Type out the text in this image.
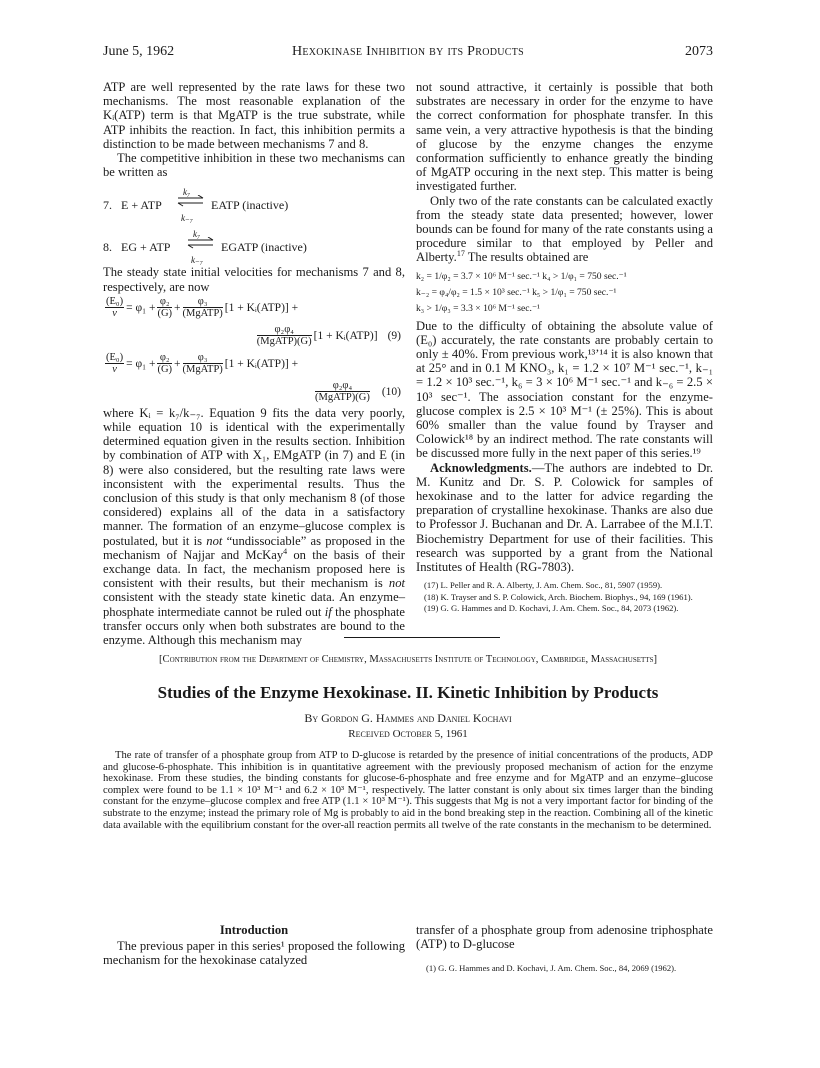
June 5, 1962	Hexokinase Inhibition by its Products	2073

ATP are well represented by the rate laws for these two mechanisms. The most reasonable explanation of the Kᵢ(ATP) term is that MgATP is the true substrate, while ATP inhibits the reaction. In fact, this inhibition permits a distinction to be made between mechanisms 7 and 8.

The competitive inhibition in these two mechanisms can be written as

7. E + ATP
k₇
k₋₇
EATP (inactive)
8. EG + ATP
k₇
k₋₇
EGATP (inactive)

The steady state initial velocities for mechanisms 7 and 8, respectively, are now

$\frac{\text{(E₀)}}{v} = \varphi_1 + \frac{\text{φ₂}}{(G)} + \frac{\text{φ₃}}{\text{(MgATP)}} [1$ + Kᵢ(ATP)] +
$\frac{\text{φ₂φ₄}}{\text{(MgATP)(G)}} [1$ + Kᵢ(ATP)] (9)
$\frac{\text{(E₀)}}{v} = \varphi_1 + \frac{\text{φ₂}}{(G)} + \frac{\text{φ₃}}{\text{(MgATP)}} [1$ + Kᵢ(ATP)] +
$\frac{\text{φ₂φ₄}}{\text{(MgATP)(G)}} (10)$

where Kᵢ = k₇/k₋₇. Equation 9 fits the data very poorly, while equation 10 is identical with the experimentally determined equation given in the results section. Inhibition by combination of ATP with X₁, EMgATP (in 7) and E (in 8) were also considered, but the resulting rate laws were inconsistent with the experimental results. Thus the conclusion of this study is that only mechanism 8 (of those considered) explains all of the data in a satisfactory manner. The formation of an enzyme–glucose complex is postulated, but it is not “undissociable” as proposed in the mechanism of Najjar and McKay$^4$ on the basis of their exchange data. In fact, the mechanism proposed here is consistent with their results, but their mechanism is not consistent with the steady state kinetic data. An enzyme–phosphate intermediate cannot be ruled out if the phosphate transfer occurs only when both substrates are bound to the enzyme. Although this mechanism may

not sound attractive, it certainly is possible that both substrates are necessary in order for the enzyme to have the correct conformation for phosphate transfer. In this same vein, a very attractive hypothesis is that the binding of glucose by the enzyme changes the enzyme conformation sufficiently to enhance greatly the binding of MgATP occuring in the next step. This matter is being investigated further.

Only two of the rate constants can be calculated exactly from the steady state data presented; however, lower bounds can be found for many of the rate constants using a procedure similar to that employed by Peller and Alberty.$^{17}$ The results obtained are

k₂ = 1/φ₂ = 3.7 × 10⁶ M⁻¹ sec.⁻¹ k₄ > 1/φ₁ = 750 sec.⁻¹
k₋₂ = φ₄/φ₂ = 1.5 × 10³ sec.⁻¹ k₅ > 1/φ₁ = 750 sec.⁻¹
k₃ > 1/φ₃ = 3.3 × 10⁶ M⁻¹ sec.⁻¹

Due to the difficulty of obtaining the absolute value of (E₀) accurately, the rate constants are probably certain to only ± 40%. From previous work,¹³ʼ¹⁴ it is also known that at 25° and in 0.1 M KNO₃, k₁ = 1.2 × 10⁷ M⁻¹ sec.⁻¹, k₋₁ = 1.2 × 10³ sec.⁻¹, k₆ = 3 × 10⁶ M⁻¹ sec.⁻¹ and k₋₆ = 2.5 × 10³ sec⁻¹. The association constant for the enzyme-glucose complex is 2.5 × 10³ M⁻¹ (± 25%). This is about 60% smaller than the value found by Trayser and Colowick¹⁸ by an indirect method. The rate constants will be discussed more fully in the next paper of this series.¹⁹

Acknowledgments.—The authors are indebted to Dr. M. Kunitz and Dr. S. P. Colowick for samples of hexokinase and to the latter for advice regarding the preparation of crystalline hexokinase. Thanks are also due to Professor J. Buchanan and Dr. A. Larrabee of the M.I.T. Biochemistry Department for use of their facilities. This research was supported by a grant from the National Institutes of Health (RG-7803).

(17) L. Peller and R. A. Alberty, J. Am. Chem. Soc., 81, 5907 (1959).

(18) K. Trayser and S. P. Colowick, Arch. Biochem. Biophys., 94, 169 (1961).

(19) G. G. Hammes and D. Kochavi, J. Am. Chem. Soc., 84, 2073 (1962).

[Contribution from the Department of Chemistry, Massachusetts Institute of Technology, Cambridge, Massachusetts]
Studies of the Enzyme Hexokinase. II. Kinetic Inhibition by Products
By Gordon G. Hammes and Daniel Kochavi
Received October 5, 1961

The rate of transfer of a phosphate group from ATP to D-glucose is retarded by the presence of initial concentrations of the products, ADP and glucose-6-phosphate. This inhibition is in quantitative agreement with the previously proposed mechanism of action for the enzyme hexokinase. From these studies, the binding constants for glucose-6-phosphate and free enzyme and for MgATP and an enzyme–glucose complex were found to be 1.1 × 10³ M⁻¹ and 6.2 × 10³ M⁻¹, respectively. The latter constant is only about six times larger than the binding constant for the enzyme–glucose complex and free ATP (1.1 × 10³ M⁻¹). This suggests that Mg is not a very important factor for binding of the substrate to the enzyme; instead the primary role of Mg is probably to aid in the bond breaking step in the reaction. Combining all of the kinetic data available with the equilibrium constant for the over-all reaction permits all twelve of the rate constants in the mechanism to be determined.

Introduction

The previous paper in this series¹ proposed the following mechanism for the hexokinase catalyzed

transfer of a phosphate group from adenosine triphosphate (ATP) to D-glucose

(1) G. G. Hammes and D. Kochavi, J. Am. Chem. Soc., 84, 2069 (1962).
